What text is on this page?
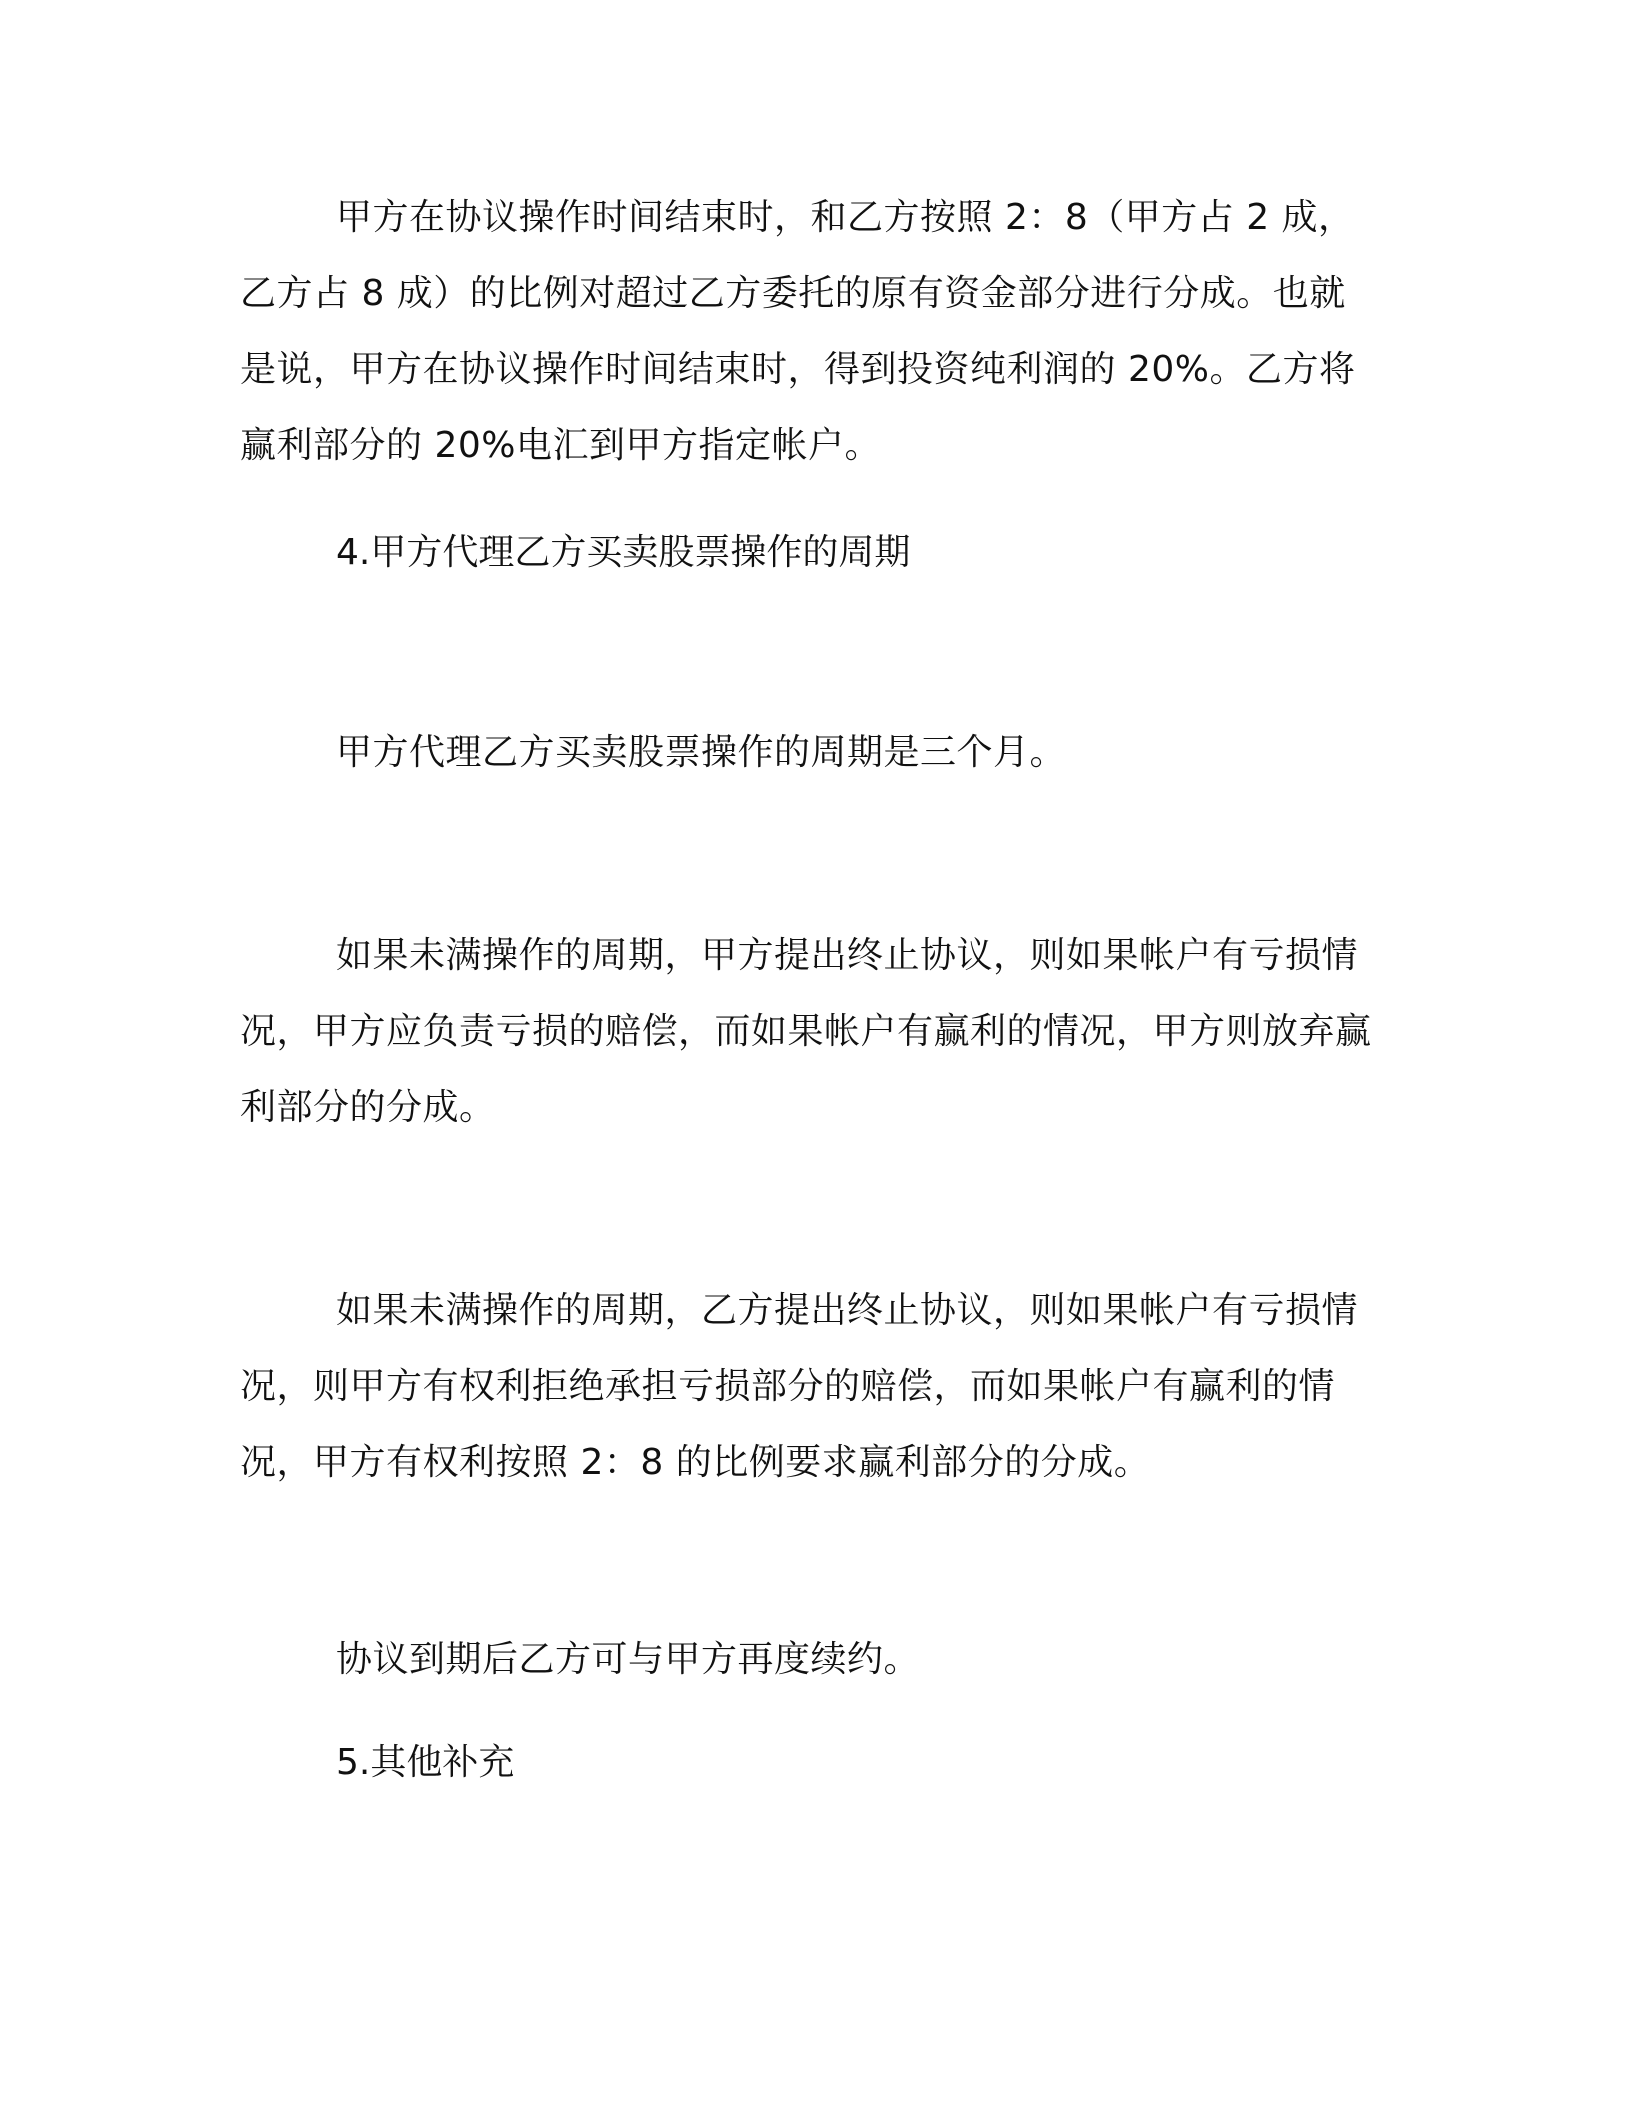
甲方在协议操作时间结束时，和乙方按照 2：8（甲方占 2 成，乙方占 8 成）的比例对超过乙方委托的原有资金部分进行分成。也就是说，甲方在协议操作时间结束时，得到投资纯利润的 20%。乙方将赢利部分的 20%电汇到甲方指定帐户。

4.甲方代理乙方买卖股票操作的周期

甲方代理乙方买卖股票操作的周期是三个月。

如果未满操作的周期，甲方提出终止协议，则如果帐户有亏损情况，甲方应负责亏损的赔偿，而如果帐户有赢利的情况，甲方则放弃赢利部分的分成。

如果未满操作的周期，乙方提出终止协议，则如果帐户有亏损情况，则甲方有权利拒绝承担亏损部分的赔偿，而如果帐户有赢利的情况，甲方有权利按照 2：8 的比例要求赢利部分的分成。

协议到期后乙方可与甲方再度续约。

5.其他补充
